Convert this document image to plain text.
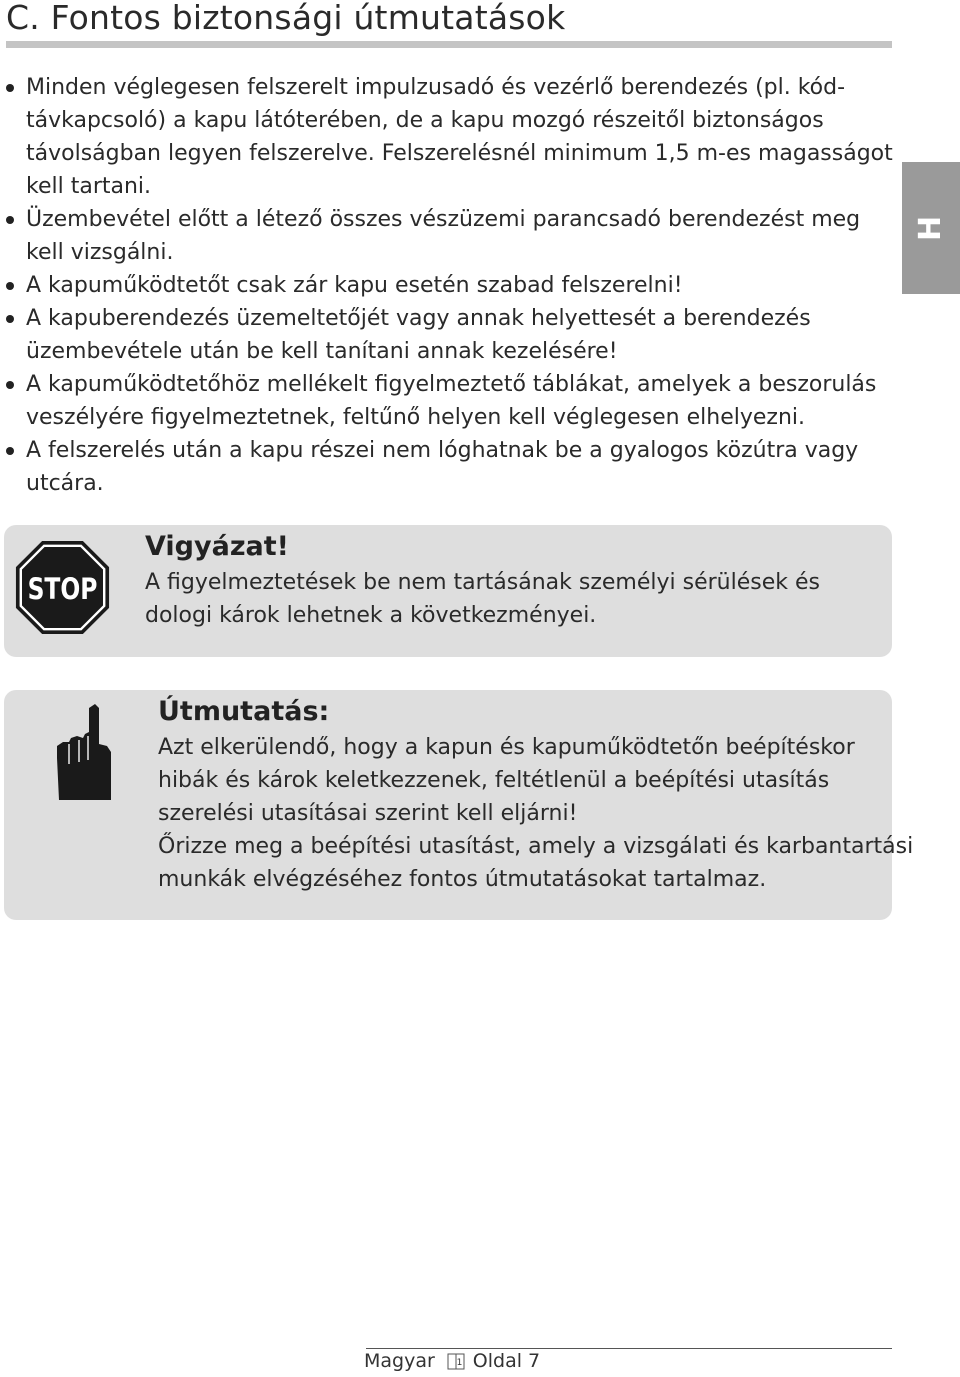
C. Fontos biztonsági útmutatások
H
Minden véglegesen felszerelt impulzusadó és vezérlő berendezés (pl. kód-távkapcsoló) a kapu látóterében, de a kapu mozgó részeitől biztonságos távolságban legyen felszerelve. Felszerelésnél minimum 1,5 m-es magasságot kell tartani.
Üzembevétel előtt a létező összes vészüzemi parancsadó berendezést meg kell vizsgálni.
A kapuműködtetőt csak zár kapu esetén szabad felszerelni!
A kapuberendezés üzemeltetőjét vagy annak helyettesét a berendezés üzembevétele után be kell tanítani annak kezelésére!
A kapuműködtetőhöz mellékelt figyelmeztető táblákat, amelyek a beszorulás veszélyére figyelmeztetnek, feltűnő helyen kell véglegesen elhelyezni.
A felszerelés után a kapu részei nem lóghatnak be a gyalogos közútra vagy utcára.
STOP
Vigyázat!
A figyelmeztetések be nem tartásának személyi sérülések és
dologi károk lehetnek a következményei.
Útmutatás:
Azt elkerülendő, hogy a kapun és kapuműködtetőn beépítéskor
hibák és károk keletkezzenek, feltétlenül a beépítési utasítás
szerelési utasításai szerint kell eljárni!
Őrizze meg a beépítési utasítást, amely a vizsgálati és karbantartási
munkák elvégzéséhez fontos útmutatásokat tartalmaz.
Magyar 1 Oldal 7
